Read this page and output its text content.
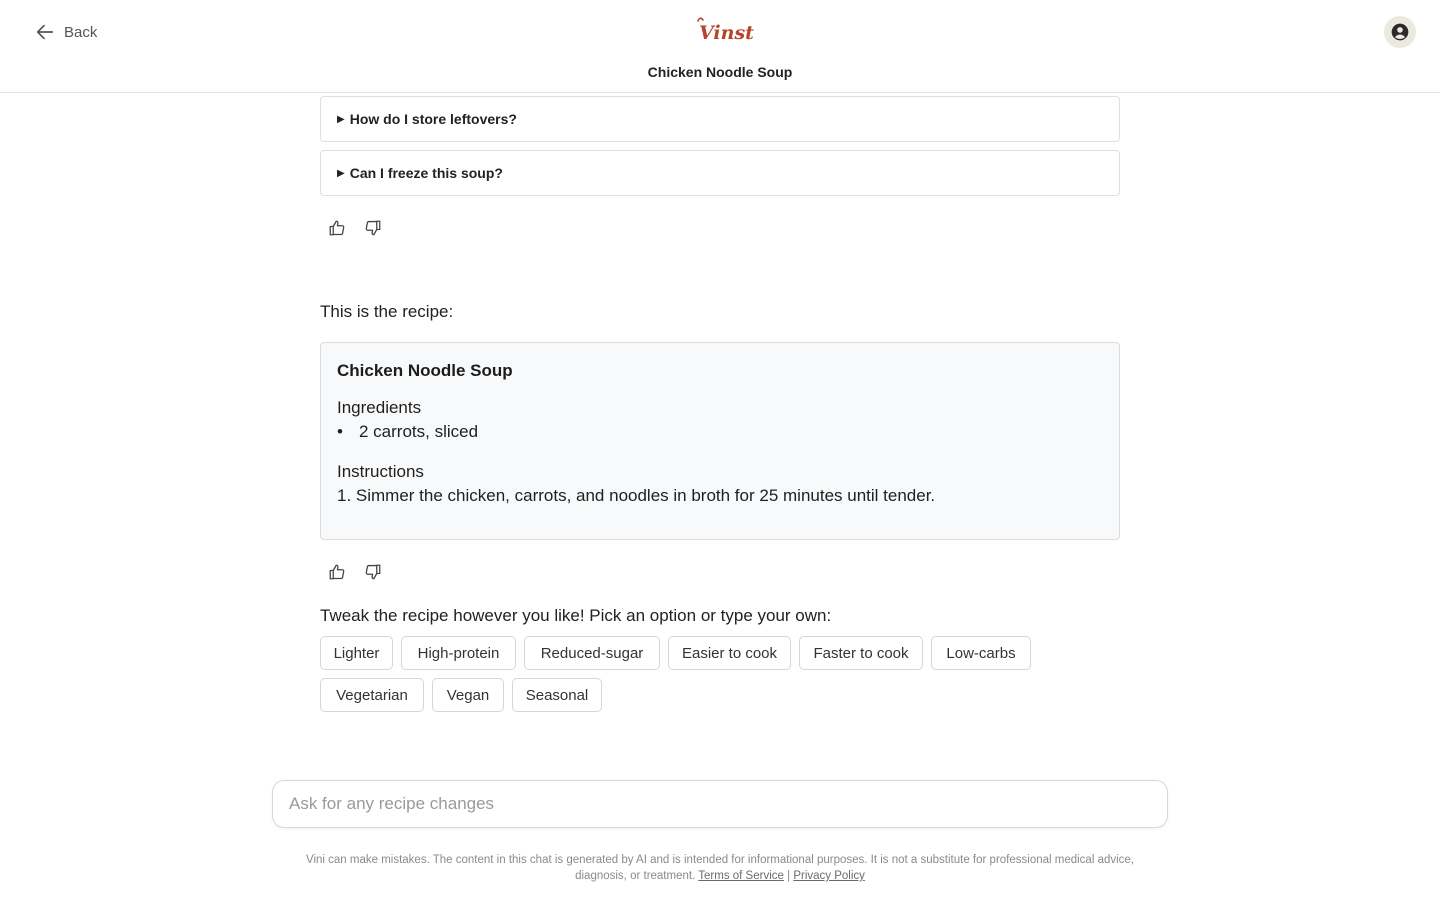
Back	Vinst
Chicken Noodle Soup
▶ How do I store leftovers?
▶ Can I freeze this soup?
This is the recipe:
Chicken Noodle Soup
Ingredients
• 2 carrots, sliced
Instructions
1. Simmer the chicken, carrots, and noodles in broth for 25 minutes until tender.
Tweak the recipe however you like! Pick an option or type your own:
Lighter	High-protein	Reduced-sugar	Easier to cook	Faster to cook	Low-carbs
Vegetarian	Vegan	Seasonal
Ask for any recipe changes
Vini can make mistakes. The content in this chat is generated by AI and is intended for informational purposes. It is not a substitute for professional medical advice,
diagnosis, or treatment. Terms of Service | Privacy Policy
